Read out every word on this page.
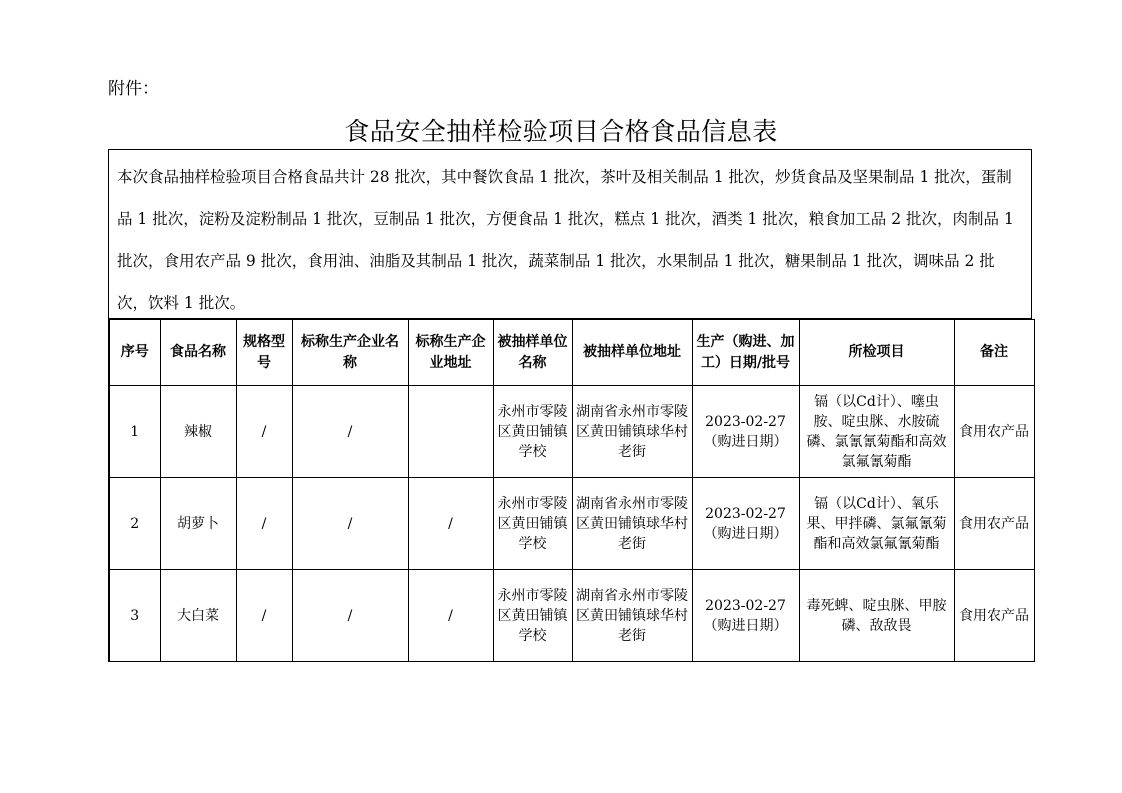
附件：
食品安全抽样检验项目合格食品信息表
本次食品抽样检验项目合格食品共计 28 批次，其中餐饮食品 1 批次，茶叶及相关制品 1 批次，炒货食品及坚果制品 1 批次，蛋制品 1 批次，淀粉及淀粉制品 1 批次，豆制品 1 批次，方便食品 1 批次，糕点 1 批次，酒类 1 批次，粮食加工品 2 批次，肉制品 1 批次，食用农产品 9 批次，食用油、油脂及其制品 1 批次，蔬菜制品 1 批次，水果制品 1 批次，糖果制品 1 批次，调味品 2 批次，饮料 1 批次。
序号	食品名称	规格型号	标称生产企业名称	标称生产企业地址	被抽样单位名称	被抽样单位地址	生产（购进、加工）日期/批号	所检项目	备注
1	辣椒	/	/		永州市零陵区黄田铺镇学校	湖南省永州市零陵区黄田铺镇球华村老街	2023-02-27（购进日期）	镉（以Cd计）、噻虫胺、啶虫脒、水胺硫磷、氯氰氰菊酯和高效氯氟氰菊酯	食用农产品
2	胡萝卜	/	/	/	永州市零陵区黄田铺镇学校	湖南省永州市零陵区黄田铺镇球华村老街	2023-02-27（购进日期）	镉（以Cd计）、氧乐果、甲拌磷、氯氟氰菊酯和高效氯氟氰菊酯	食用农产品
3	大白菜	/	/	/	永州市零陵区黄田铺镇学校	湖南省永州市零陵区黄田铺镇球华村老街	2023-02-27（购进日期）	毒死蜱、啶虫脒、甲胺磷、敌敌畏	食用农产品
